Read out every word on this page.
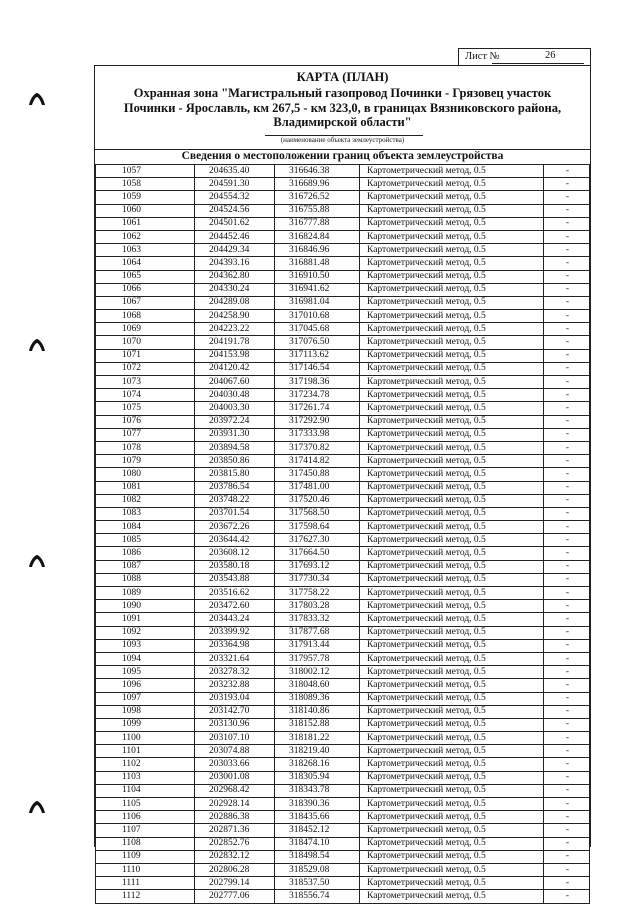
Лист №	26
КАРТА (ПЛАН)
Охранная зона "Магистральный газопровод Починки - Грязовец участок
Починки - Ярославль, км 267,5 - км 323,0, в границах Вязниковского района,
Владимирской области"
(наименование объекта землеустройства)
Сведения о местоположении границ объекта землеустройства
1057	204635.40	316646.38	Картометрический метод, 0.5	-
1058	204591.30	316689.96	Картометрический метод, 0.5	-
1059	204554.32	316726.52	Картометрический метод, 0.5	-
1060	204524.56	316755.88	Картометрический метод, 0.5	-
1061	204501.62	316777.88	Картометрический метод, 0.5	-
1062	204452.46	316824.84	Картометрический метод, 0.5	-
1063	204429.34	316846.96	Картометрический метод, 0.5	-
1064	204393.16	316881.48	Картометрический метод, 0.5	-
1065	204362.80	316910.50	Картометрический метод, 0.5	-
1066	204330.24	316941.62	Картометрический метод, 0.5	-
1067	204289.08	316981.04	Картометрический метод, 0.5	-
1068	204258.90	317010.68	Картометрический метод, 0.5	-
1069	204223.22	317045.68	Картометрический метод, 0.5	-
1070	204191.78	317076.50	Картометрический метод, 0.5	-
1071	204153.98	317113.62	Картометрический метод, 0.5	-
1072	204120.42	317146.54	Картометрический метод, 0.5	-
1073	204067.60	317198.36	Картометрический метод, 0.5	-
1074	204030.48	317234.78	Картометрический метод, 0.5	-
1075	204003.30	317261.74	Картометрический метод, 0.5	-
1076	203972.24	317292.90	Картометрический метод, 0.5	-
1077	203931.30	317333.98	Картометрический метод, 0.5	-
1078	203894.58	317370.82	Картометрический метод, 0.5	-
1079	203850.86	317414.82	Картометрический метод, 0.5	-
1080	203815.80	317450.88	Картометрический метод, 0.5	-
1081	203786.54	317481.00	Картометрический метод, 0.5	-
1082	203748.22	317520.46	Картометрический метод, 0.5	-
1083	203701.54	317568.50	Картометрический метод, 0.5	-
1084	203672.26	317598.64	Картометрический метод, 0.5	-
1085	203644.42	317627.30	Картометрический метод, 0.5	-
1086	203608.12	317664.50	Картометрический метод, 0.5	-
1087	203580.18	317693.12	Картометрический метод, 0.5	-
1088	203543.88	317730.34	Картометрический метод, 0.5	-
1089	203516.62	317758.22	Картометрический метод, 0.5	-
1090	203472.60	317803.28	Картометрический метод, 0.5	-
1091	203443.24	317833.32	Картометрический метод, 0.5	-
1092	203399.92	317877.68	Картометрический метод, 0.5	-
1093	203364.98	317913.44	Картометрический метод, 0.5	-
1094	203321.64	317957.78	Картометрический метод, 0.5	-
1095	203278.32	318002.12	Картометрический метод, 0.5	-
1096	203232.88	318048.60	Картометрический метод, 0.5	-
1097	203193.04	318089.36	Картометрический метод, 0.5	-
1098	203142.70	318140.86	Картометрический метод, 0.5	-
1099	203130.96	318152.88	Картометрический метод, 0.5	-
1100	203107.10	318181.22	Картометрический метод, 0.5	-
1101	203074.88	318219.40	Картометрический метод, 0.5	-
1102	203033.66	318268.16	Картометрический метод, 0.5	-
1103	203001.08	318305.94	Картометрический метод, 0.5	-
1104	202968.42	318343.78	Картометрический метод, 0.5	-
1105	202928.14	318390.36	Картометрический метод, 0.5	-
1106	202886.38	318435.66	Картометрический метод, 0.5	-
1107	202871.36	318452.12	Картометрический метод, 0.5	-
1108	202852.76	318474.10	Картометрический метод, 0.5	-
1109	202832.12	318498.54	Картометрический метод, 0.5	-
1110	202806.28	318529.08	Картометрический метод, 0.5	-
1111	202799.14	318537.50	Картометрический метод, 0.5	-
1112	202777.06	318556.74	Картометрический метод, 0.5	-
